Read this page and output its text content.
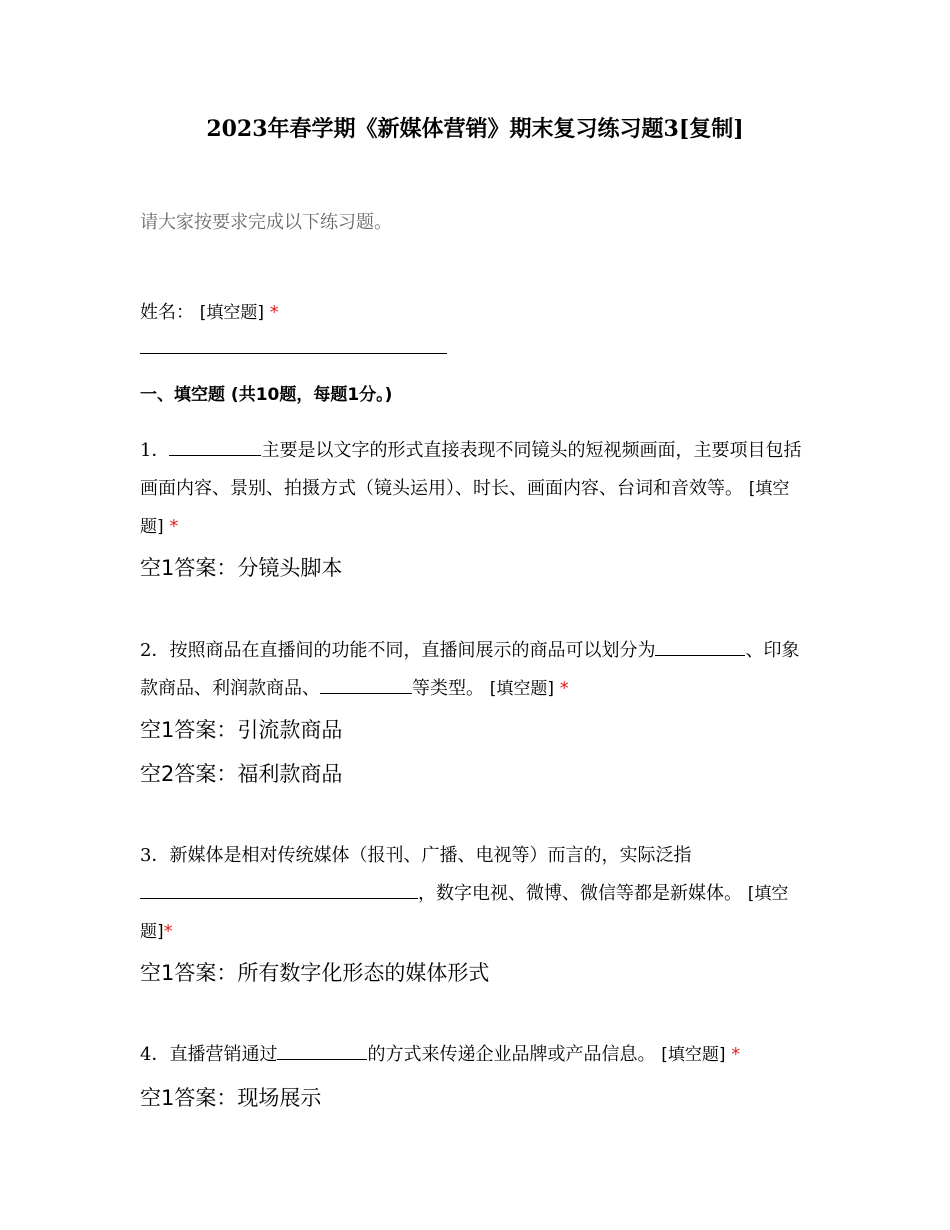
2023年春学期《新媒体营销》期末复习练习题3[复制]
请大家按要求完成以下练习题。
姓名： [填空题] *
一、填空题 (共10题，每题1分。)
1．	主要是以文字的形式直接表现不同镜头的短视频画面，主要项目包括画面内容、景别、拍摄方式（镜头运用）、时长、画面内容、台词和音效等。 [填空题] *
空1答案：分镜头脚本
2．按照商品在直播间的功能不同，直播间展示的商品可以划分为	、印象款商品、利润款商品、	等类型。 [填空题] *
空1答案：引流款商品
空2答案：福利款商品
3．新媒体是相对传统媒体（报刊、广播、电视等）而言的，实际泛指
，数字电视、微博、微信等都是新媒体。 [填空题]*
空1答案：所有数字化形态的媒体形式
4．直播营销通过	的方式来传递企业品牌或产品信息。 [填空题] *
空1答案：现场展示
